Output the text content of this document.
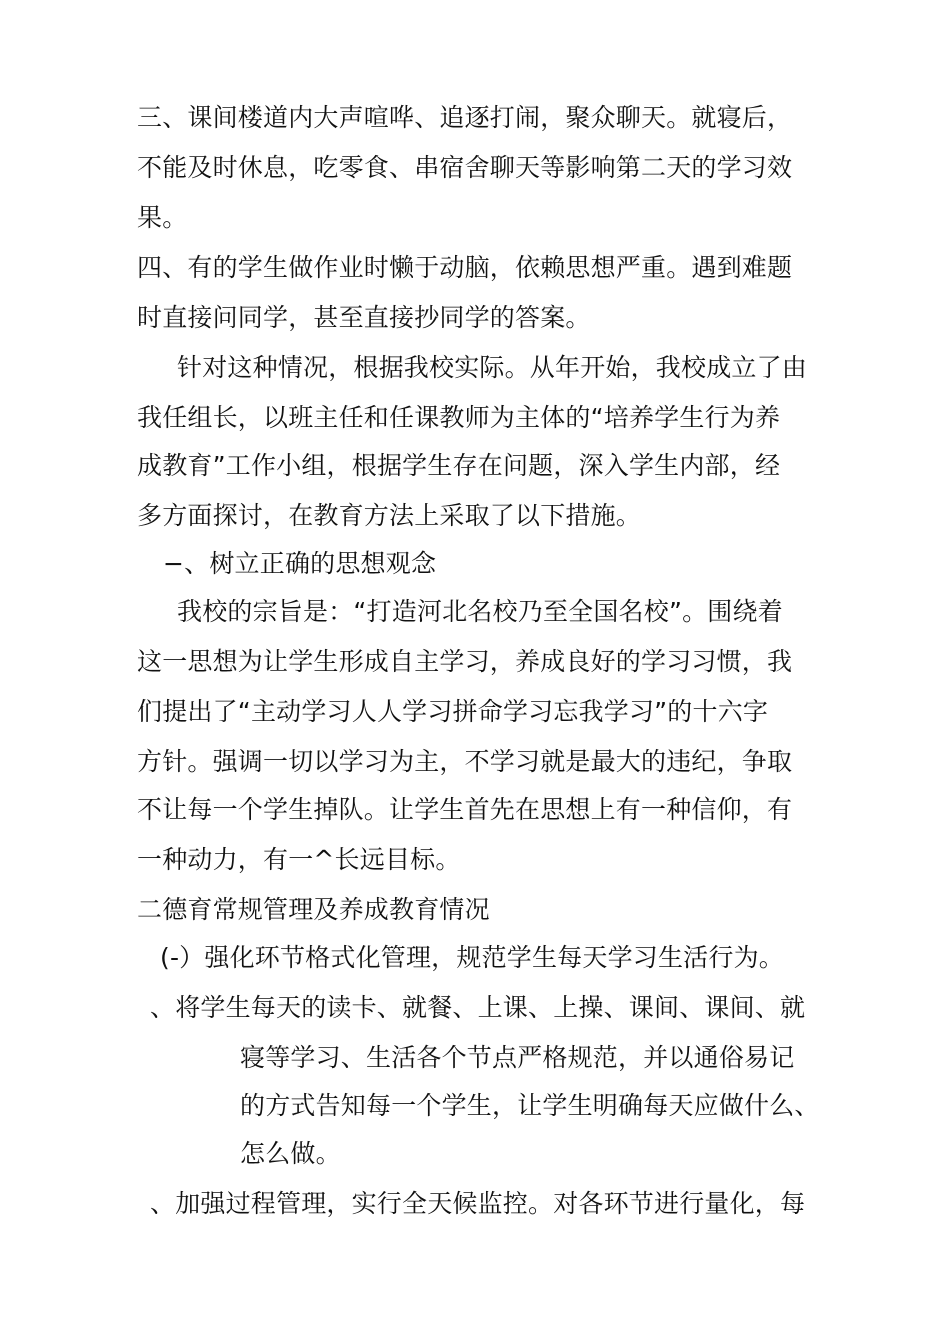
三、课间楼道内大声喧哗、追逐打闹，聚众聊天。就寝后，
不能及时休息，吃零食、串宿舍聊天等影响第二天的学习效
果。
四、有的学生做作业时懒于动脑，依赖思想严重。遇到难题
时直接问同学，甚至直接抄同学的答案。
针对这种情况，根据我校实际。从年开始，我校成立了由
我任组长，以班主任和任课教师为主体的“培养学生行为养
成教育”工作小组，根据学生存在问题，深入学生内部，经
多方面探讨，在教育方法上采取了以下措施。
−、树立正确的思想观念
我校的宗旨是：“打造河北名校乃至全国名校”。围绕着
这一思想为让学生形成自主学习，养成良好的学习习惯，我
们提出了“主动学习人人学习拼命学习忘我学习”的十六字
方针。强调一切以学习为主，不学习就是最大的违纪，争取
不让每一个学生掉队。让学生首先在思想上有一种信仰，有
一种动力，有一^长远目标。
二德育常规管理及养成教育情况
(-）强化环节格式化管理，规范学生每天学习生活行为。
、将学生每天的读卡、就餐、上课、上操、课间、课间、就
寝等学习、生活各个节点严格规范，并以通俗易记
的方式告知每一个学生，让学生明确每天应做什么、
怎么做。
、加强过程管理，实行全天候监控。对各环节进行量化，每
